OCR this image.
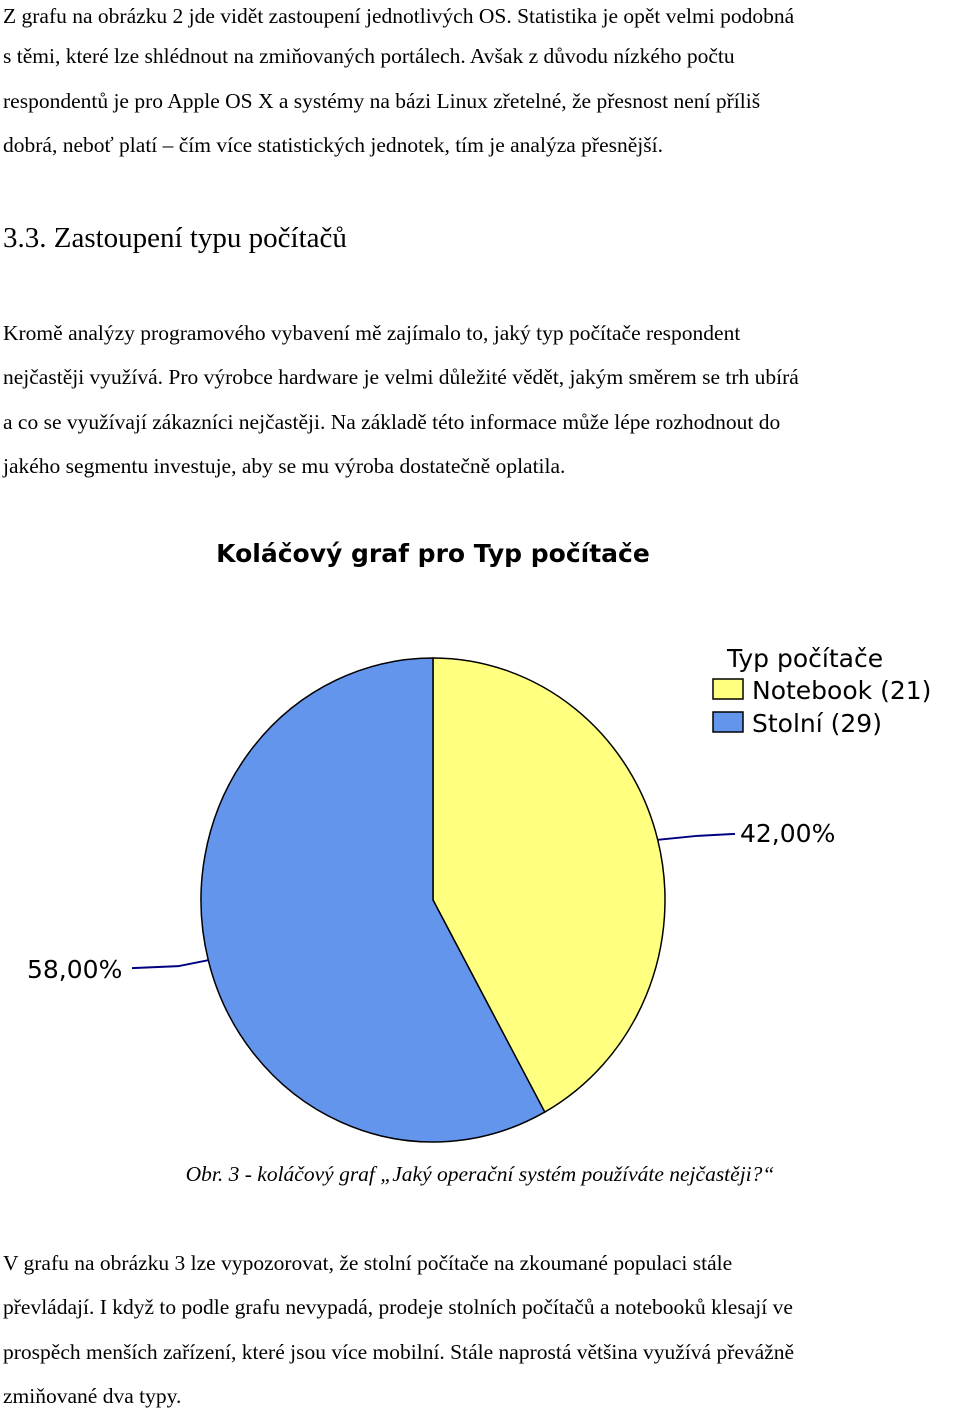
Z grafu na obrázku 2 jde vidět zastoupení jednotlivých OS. Statistika je opět velmi podobná

s těmi, které lze shlédnout na zmiňovaných portálech. Avšak z důvodu nízkého počtu

respondentů je pro Apple OS X a systémy na bázi Linux zřetelné, že přesnost není příliš

dobrá, neboť platí – čím více statistických jednotek, tím je analýza přesnější.

3.3. Zastoupení typu počítačů

Kromě analýzy programového vybavení mě zajímalo to, jaký typ počítače respondent

nejčastěji využívá. Pro výrobce hardware je velmi důležité vědět, jakým směrem se trh ubírá

a co se využívají zákazníci nejčastěji. Na základě této informace může lépe rozhodnout do

jakého segmentu investuje, aby se mu výroba dostatečně oplatila.

Koláčový graf pro Typ počítače
42,00%
58,00%
Typ počítače
Notebook (21)
Stolní (29)

Obr. 3 - koláčový graf „Jaký operační systém používáte nejčastěji?“

V grafu na obrázku 3 lze vypozorovat, že stolní počítače na zkoumané populaci stále

převládají. I když to podle grafu nevypadá, prodeje stolních počítačů a notebooků klesají ve

prospěch menších zařízení, které jsou více mobilní. Stále naprostá většina využívá převážně

zmiňované dva typy.
